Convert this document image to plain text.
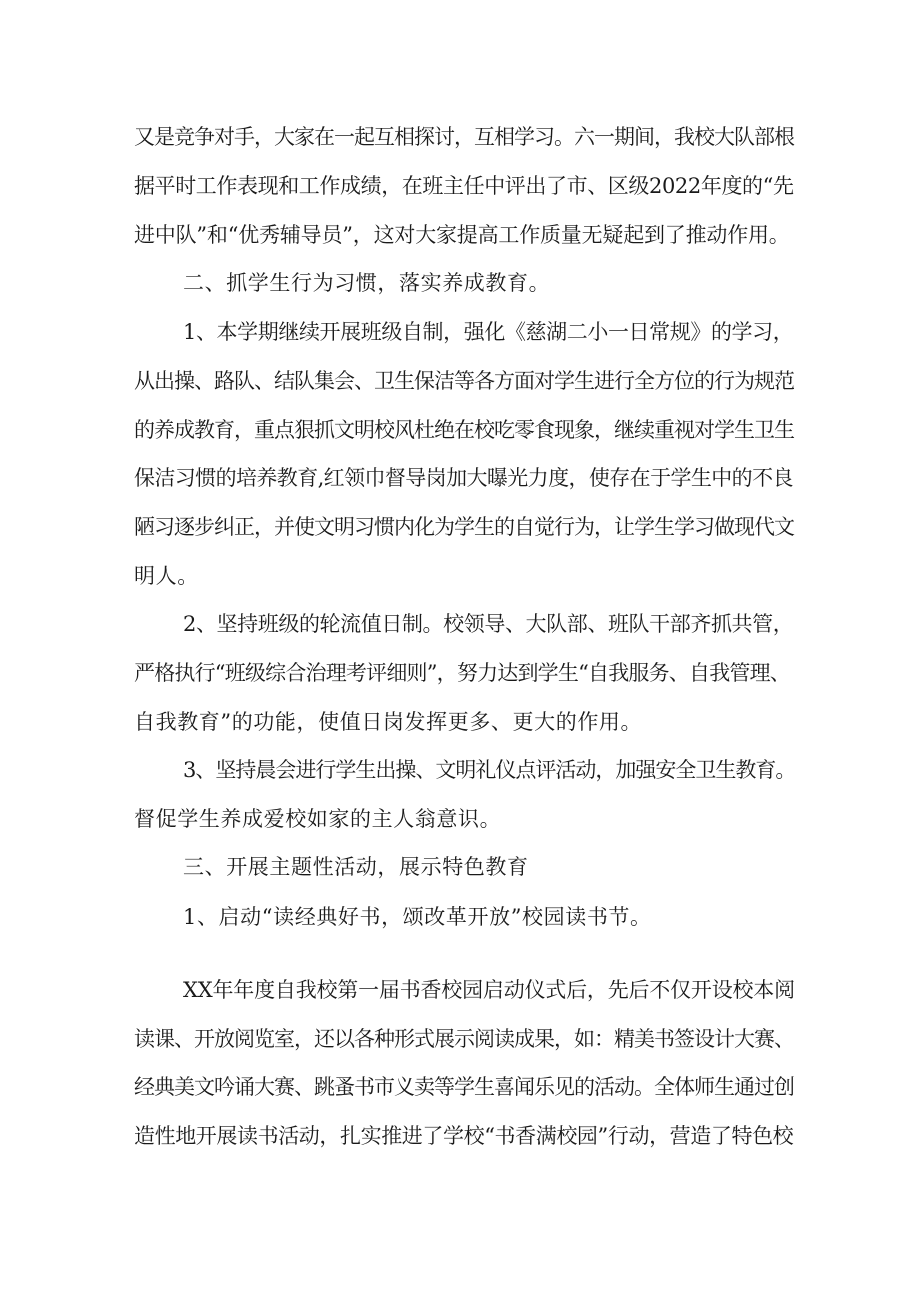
又是竞争对手，大家在一起互相探讨，互相学习。六一期间，我校大队部根

据平时工作表现和工作成绩，在班主任中评出了市、区级2022年度的“先

进中队”和“优秀辅导员”，这对大家提高工作质量无疑起到了推动作用。

二、抓学生行为习惯，落实养成教育。

1、本学期继续开展班级自制，强化《慈湖二小一日常规》的学习，

从出操、路队、结队集会、卫生保洁等各方面对学生进行全方位的行为规范

的养成教育，重点狠抓文明校风杜绝在校吃零食现象，继续重视对学生卫生

保洁习惯的培养教育,红领巾督导岗加大曝光力度，使存在于学生中的不良

陋习逐步纠正，并使文明习惯内化为学生的自觉行为，让学生学习做现代文

明人。

2、坚持班级的轮流值日制。校领导、大队部、班队干部齐抓共管，

严格执行“班级综合治理考评细则”，努力达到学生“自我服务、自我管理、

自我教育”的功能，使值日岗发挥更多、更大的作用。

3、坚持晨会进行学生出操、文明礼仪点评活动，加强安全卫生教育。

督促学生养成爱校如家的主人翁意识。

三、开展主题性活动，展示特色教育

1、启动“读经典好书，颂改革开放”校园读书节。

XX年年度自我校第一届书香校园启动仪式后，先后不仅开设校本阅

读课、开放阅览室，还以各种形式展示阅读成果，如：精美书签设计大赛、

经典美文吟诵大赛、跳蚤书市义卖等学生喜闻乐见的活动。全体师生通过创

造性地开展读书活动，扎实推进了学校“书香满校园”行动，营造了特色校
